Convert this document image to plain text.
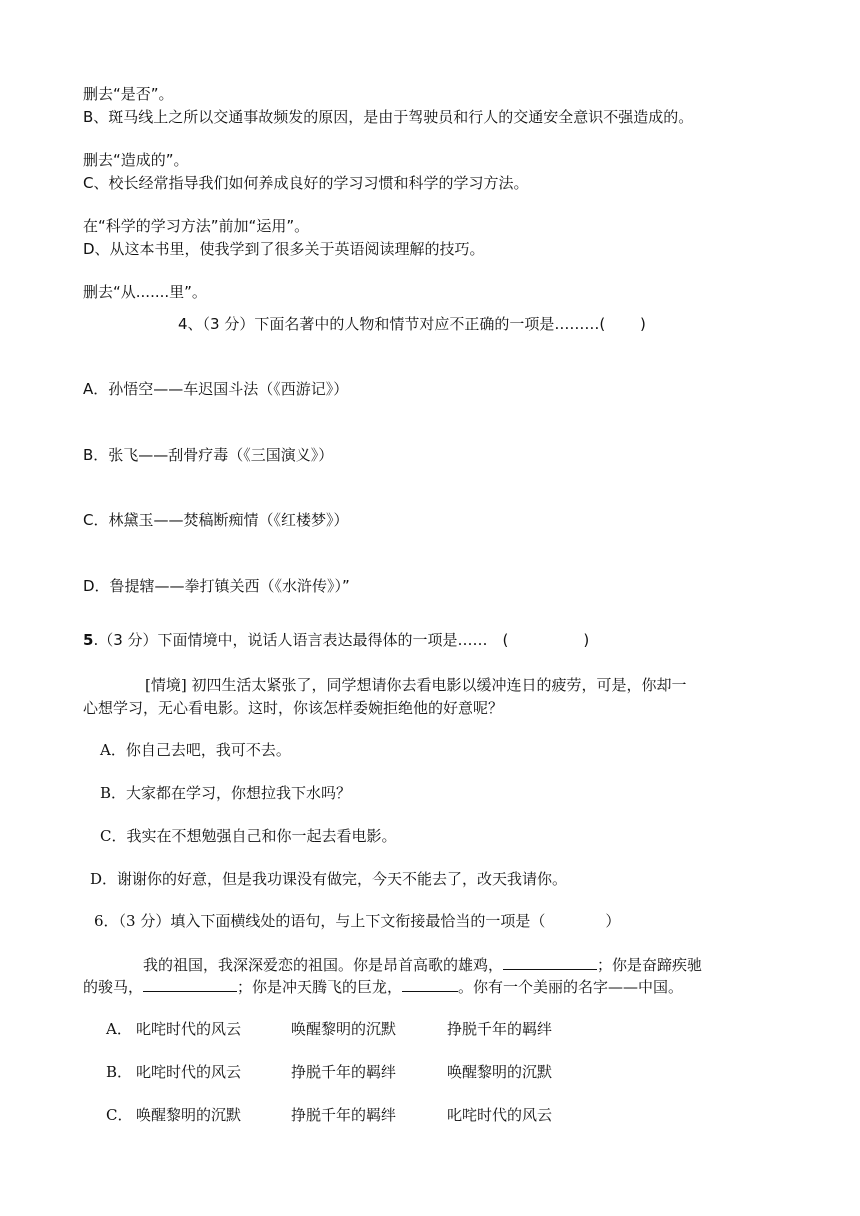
删去“是否”。
B、斑马线上之所以交通事故频发的原因，是由于驾驶员和行人的交通安全意识不强造成的。
删去“造成的”。
C、校长经常指导我们如何养成良好的学习习惯和科学的学习方法。
在“科学的学习方法”前加“运用”。
D、从这本书里，使我学到了很多关于英语阅读理解的技巧。
删去“从.......里”。
4、（3 分）下面名著中的人物和情节对应不正确的一项是………(　　 )
A．孙悟空——车迟国斗法（《西游记》）
B．张飞——刮骨疗毒（《三国演义》）
C．林黛玉——焚稿断痴情（《红楼梦》）
D．鲁提辖——拳打镇关西（《水浒传》）”
5.（3 分）下面情境中，说话人语言表达最得体的一项是……　(　　　　　)
[情境] 初四生活太紧张了，同学想请你去看电影以缓冲连日的疲劳，可是，你却一
心想学习，无心看电影。这时，你该怎样委婉拒绝他的好意呢？
A．你自己去吧，我可不去。
B．大家都在学习，你想拉我下水吗？
C．我实在不想勉强自己和你一起去看电影。
D．谢谢你的好意，但是我功课没有做完，今天不能去了，改天我请你。
6．（3 分）填入下面横线处的语句，与上下文衔接最恰当的一项是（　　　　）
我的祖国，我深深爱恋的祖国。你是昂首高歌的雄鸡，	；你是奋蹄疾驰
的骏马，	；你是冲天腾飞的巨龙，	。你有一个美丽的名字——中国。
A． 叱咤时代的风云	唤醒黎明的沉默	挣脱千年的羁绊
B． 叱咤时代的风云	挣脱千年的羁绊	唤醒黎明的沉默
C． 唤醒黎明的沉默	挣脱千年的羁绊	叱咤时代的风云
